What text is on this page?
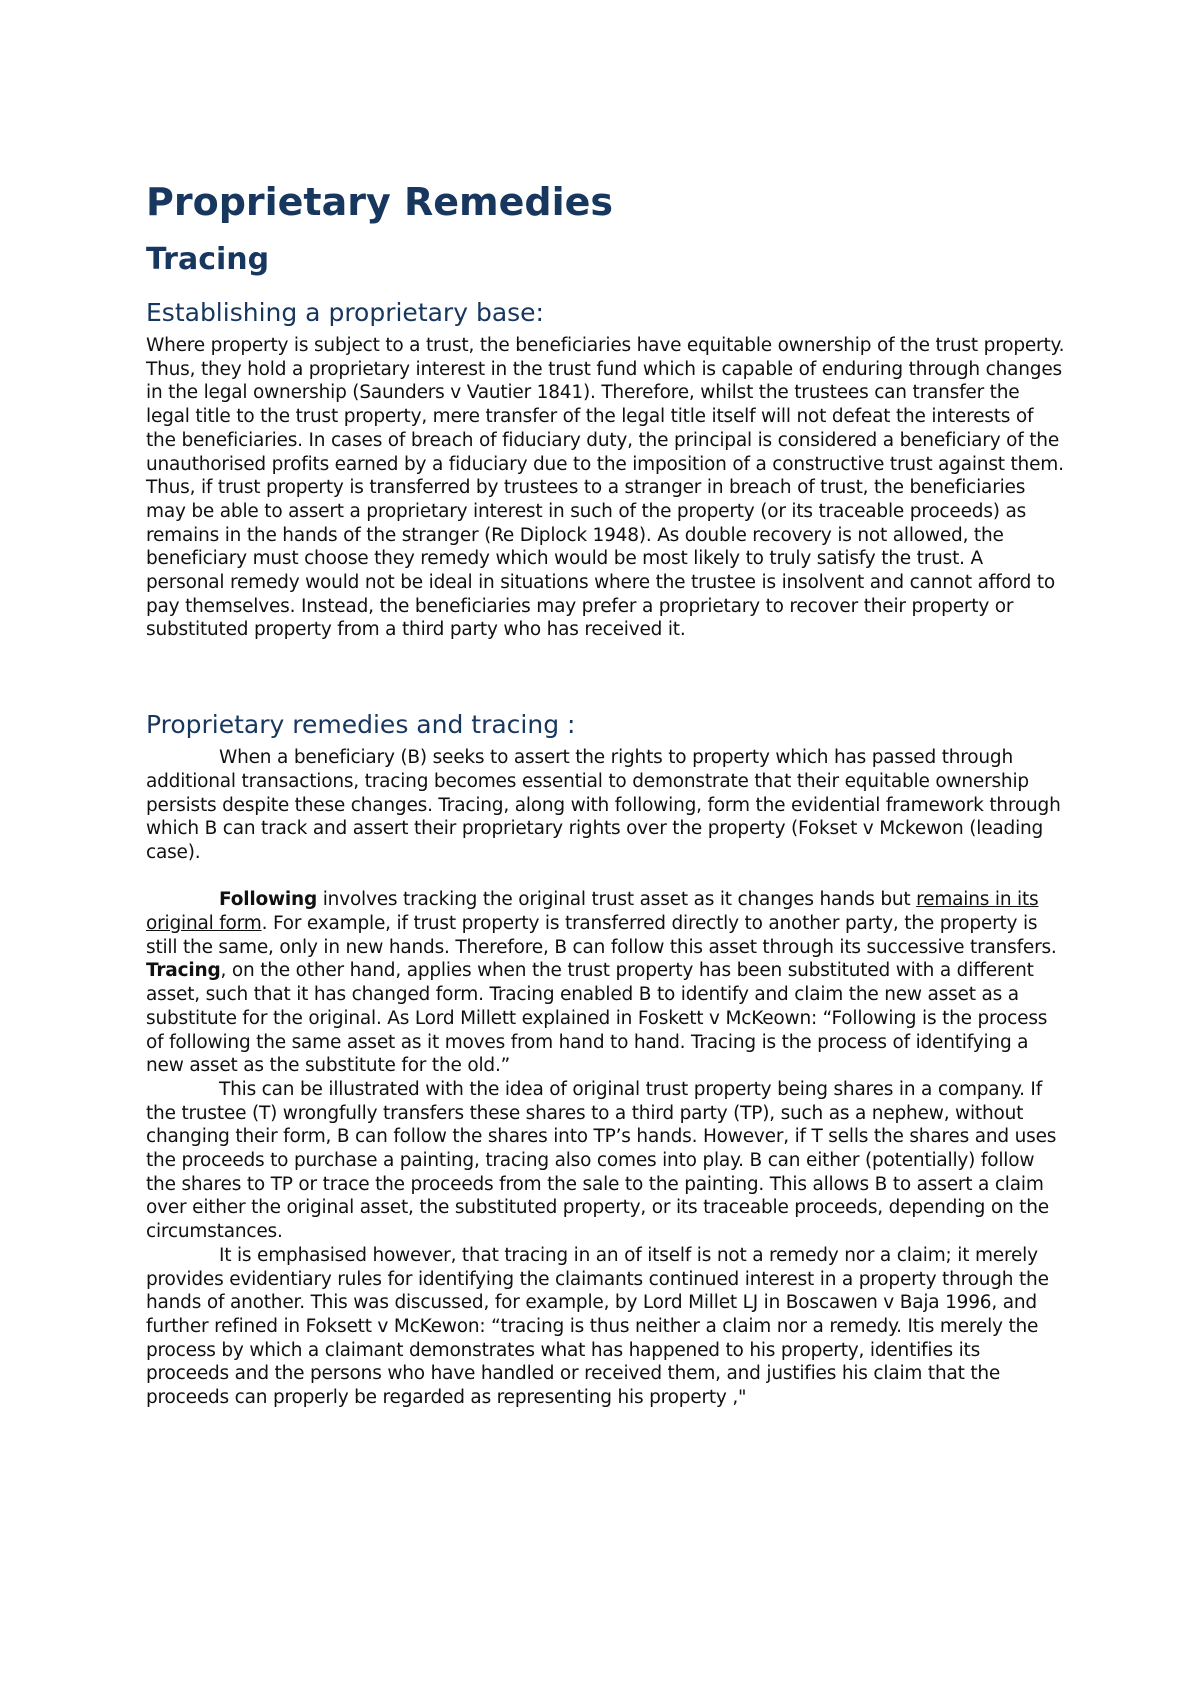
Proprietary Remedies
Tracing
Establishing a proprietary base:

Where property is subject to a trust, the beneficiaries have equitable ownership of the trust property. Thus, they hold a proprietary interest in the trust fund which is capable of enduring through changes in the legal ownership (Saunders v Vautier 1841). Therefore, whilst the trustees can transfer the legal title to the trust property, mere transfer of the legal title itself will not defeat the interests of the beneficiaries. In cases of breach of fiduciary duty, the principal is considered a beneficiary of the unauthorised profits earned by a fiduciary due to the imposition of a constructive trust against them. Thus, if trust property is transferred by trustees to a stranger in breach of trust, the beneficiaries may be able to assert a proprietary interest in such of the property (or its traceable proceeds) as remains in the hands of the stranger (Re Diplock 1948). As double recovery is not allowed, the beneficiary must choose they remedy which would be most likely to truly satisfy the trust. A personal remedy would not be ideal in situations where the trustee is insolvent and cannot afford to pay themselves. Instead, the beneficiaries may prefer a proprietary to recover their property or substituted property from a third party who has received it.

Proprietary remedies and tracing :

When a beneficiary (B) seeks to assert the rights to property which has passed through additional transactions, tracing becomes essential to demonstrate that their equitable ownership persists despite these changes. Tracing, along with following, form the evidential framework through which B can track and assert their proprietary rights over the property (Fokset v Mckewon (leading case).

Following involves tracking the original trust asset as it changes hands but remains in its original form. For example, if trust property is transferred directly to another party, the property is still the same, only in new hands. Therefore, B can follow this asset through its successive transfers. Tracing, on the other hand, applies when the trust property has been substituted with a different asset, such that it has changed form. Tracing enabled B to identify and claim the new asset as a substitute for the original. As Lord Millett explained in Foskett v McKeown: “Following is the process of following the same asset as it moves from hand to hand. Tracing is the process of identifying a new asset as the substitute for the old.”

This can be illustrated with the idea of original trust property being shares in a company. If the trustee (T) wrongfully transfers these shares to a third party (TP), such as a nephew, without changing their form, B can follow the shares into TP’s hands. However, if T sells the shares and uses the proceeds to purchase a painting, tracing also comes into play. B can either (potentially) follow the shares to TP or trace the proceeds from the sale to the painting. This allows B to assert a claim over either the original asset, the substituted property, or its traceable proceeds, depending on the circumstances.

It is emphasised however, that tracing in an of itself is not a remedy nor a claim; it merely provides evidentiary rules for identifying the claimants continued interest in a property through the hands of another. This was discussed, for example, by Lord Millet LJ in Boscawen v Baja 1996, and further refined in Foksett v McKewon: “tracing is thus neither a claim nor a remedy. Itis merely the process by which a claimant demonstrates what has happened to his property, identifies its proceeds and the persons who have handled or received them, and justifies his claim that the proceeds can properly be regarded as representing his property ,"
